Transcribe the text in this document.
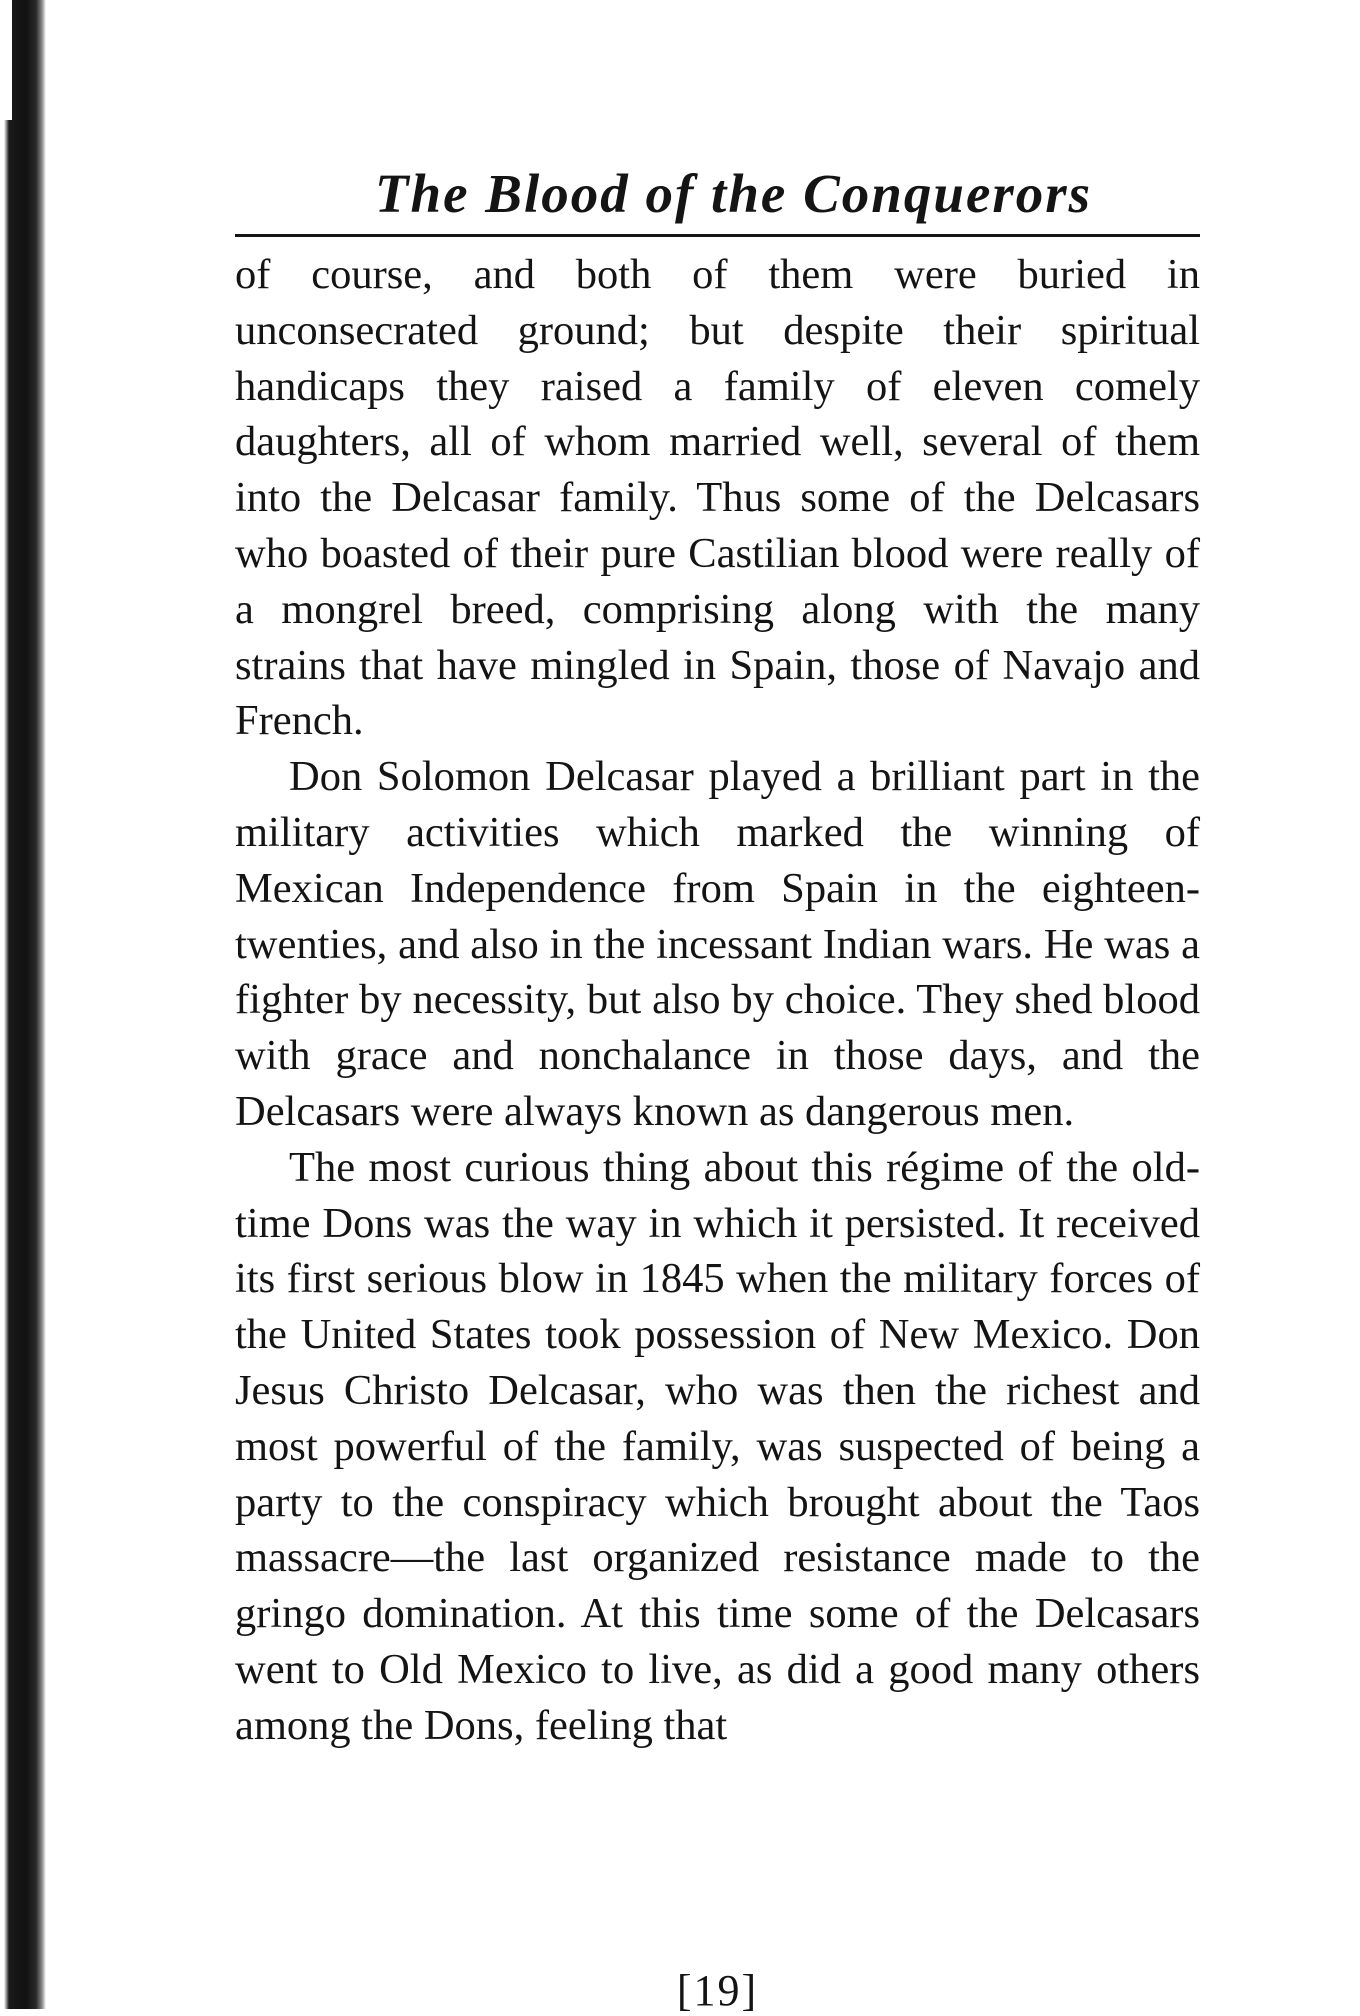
The Blood of the Conquerors

of course, and both of them were buried in unconsecrated ground; but despite their spiritual handicaps they raised a family of eleven comely daughters, all of whom married well, several of them into the Delcasar family. Thus some of the Delcasars who boasted of their pure Castilian blood were really of a mongrel breed, comprising along with the many strains that have mingled in Spain, those of Navajo and French.

Don Solomon Delcasar played a brilliant part in the military activities which marked the winning of Mexican Independence from Spain in the eighteen-twenties, and also in the incessant Indian wars. He was a fighter by necessity, but also by choice. They shed blood with grace and nonchalance in those days, and the Delcasars were always known as dangerous men.

The most curious thing about this régime of the old-time Dons was the way in which it persisted. It received its first serious blow in 1845 when the military forces of the United States took possession of New Mexico. Don Jesus Christo Delcasar, who was then the richest and most powerful of the family, was suspected of being a party to the conspiracy which brought about the Taos massacre—the last organized resistance made to the gringo domination. At this time some of the Delcasars went to Old Mexico to live, as did a good many others among the Dons, feeling that

[19]
